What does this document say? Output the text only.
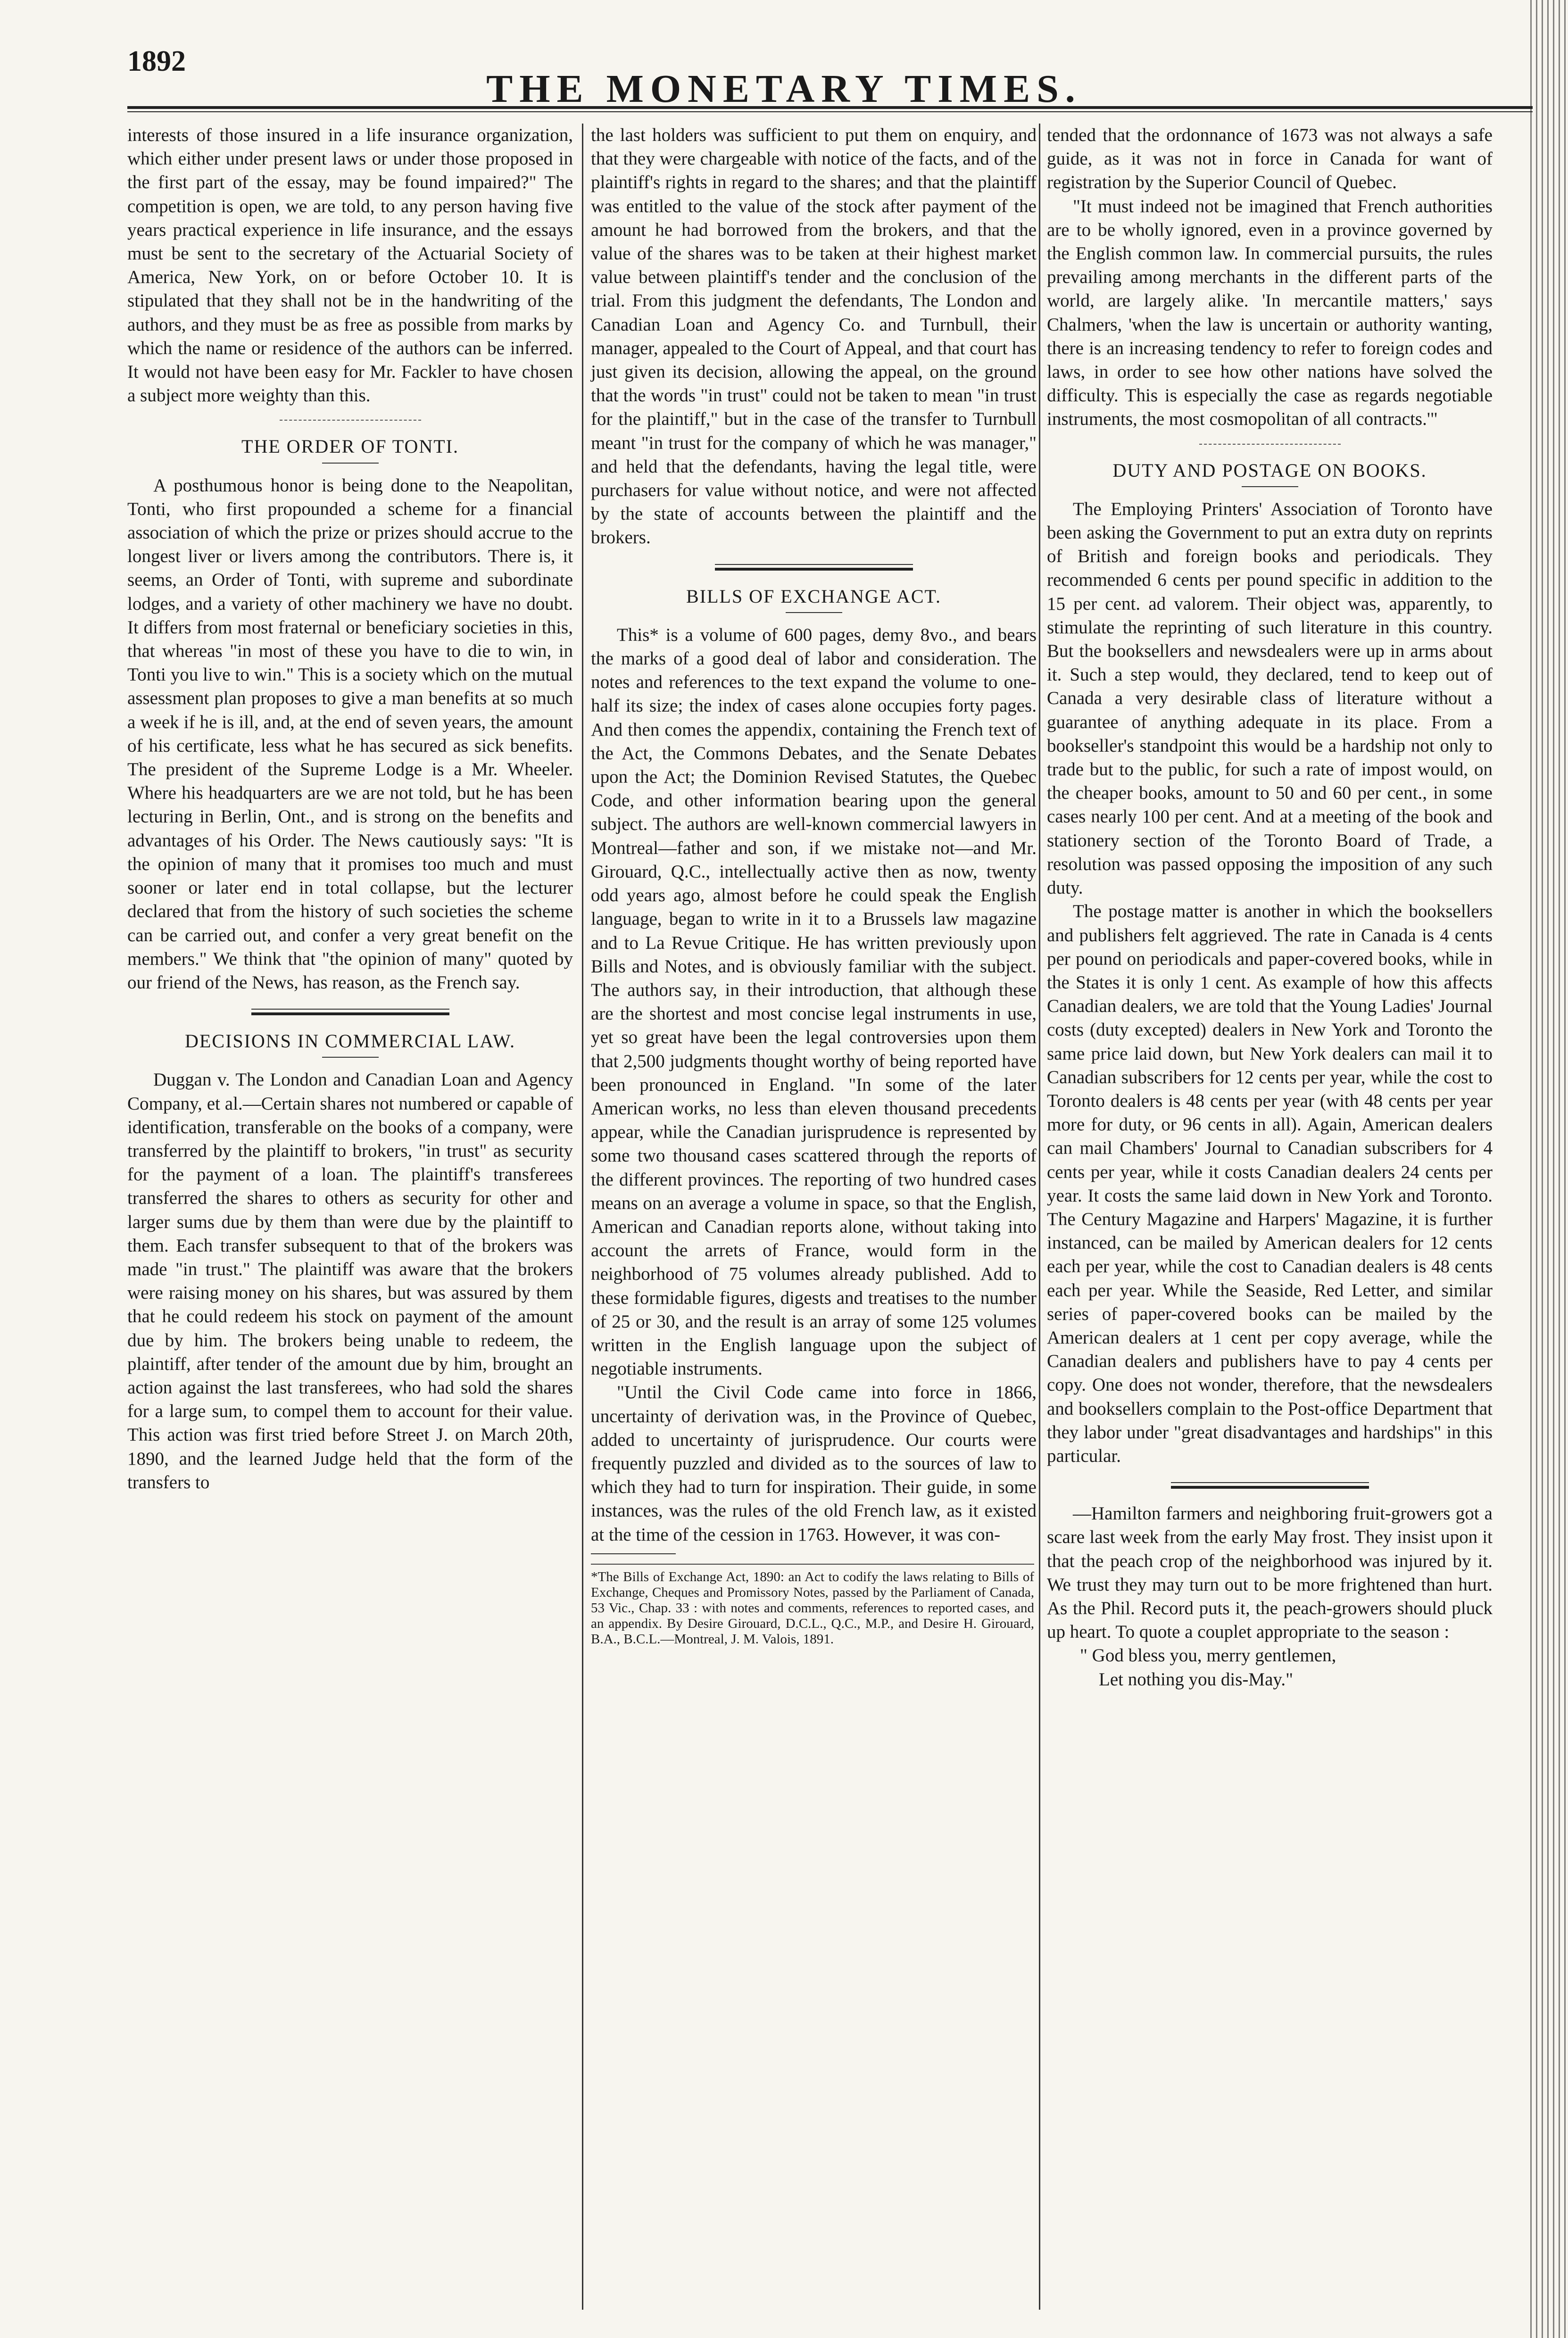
1892
THE MONETARY TIMES.

interests of those insured in a life insurance organization, which either under present laws or under those proposed in the first part of the essay, may be found impaired?" The competition is open, we are told, to any person having five years practical experience in life insurance, and the essays must be sent to the secretary of the Actuarial Society of America, New York, on or before October 10. It is stipulated that they shall not be in the handwriting of the authors, and they must be as free as possible from marks by which the name or residence of the authors can be inferred. It would not have been easy for Mr. Fackler to have chosen a subject more weighty than this.

THE ORDER OF TONTI.

A posthumous honor is being done to the Neapolitan, Tonti, who first propounded a scheme for a financial association of which the prize or prizes should accrue to the longest liver or livers among the contributors. There is, it seems, an Order of Tonti, with supreme and subordinate lodges, and a variety of other machinery we have no doubt. It differs from most fraternal or beneficiary societies in this, that whereas "in most of these you have to die to win, in Tonti you live to win." This is a society which on the mutual assessment plan proposes to give a man benefits at so much a week if he is ill, and, at the end of seven years, the amount of his certificate, less what he has secured as sick benefits. The president of the Supreme Lodge is a Mr. Wheeler. Where his headquarters are we are not told, but he has been lecturing in Berlin, Ont., and is strong on the benefits and advantages of his Order. The News cautiously says: "It is the opinion of many that it promises too much and must sooner or later end in total collapse, but the lecturer declared that from the history of such societies the scheme can be carried out, and confer a very great benefit on the members." We think that "the opinion of many" quoted by our friend of the News, has reason, as the French say.

DECISIONS IN COMMERCIAL LAW.

Duggan v. The London and Canadian Loan and Agency Company, et al.—Certain shares not numbered or capable of identification, transferable on the books of a company, were transferred by the plaintiff to brokers, "in trust" as security for the payment of a loan. The plaintiff's transferees transferred the shares to others as security for other and larger sums due by them than were due by the plaintiff to them. Each transfer subsequent to that of the brokers was made "in trust." The plaintiff was aware that the brokers were raising money on his shares, but was assured by them that he could redeem his stock on payment of the amount due by him. The brokers being unable to redeem, the plaintiff, after tender of the amount due by him, brought an action against the last transferees, who had sold the shares for a large sum, to compel them to account for their value. This action was first tried before Street J. on March 20th, 1890, and the learned Judge held that the form of the transfers to

the last holders was sufficient to put them on enquiry, and that they were chargeable with notice of the facts, and of the plaintiff's rights in regard to the shares; and that the plaintiff was entitled to the value of the stock after payment of the amount he had borrowed from the brokers, and that the value of the shares was to be taken at their highest market value between plaintiff's tender and the conclusion of the trial. From this judgment the defendants, The London and Canadian Loan and Agency Co. and Turnbull, their manager, appealed to the Court of Appeal, and that court has just given its decision, allowing the appeal, on the ground that the words "in trust" could not be taken to mean "in trust for the plaintiff," but in the case of the transfer to Turnbull meant "in trust for the company of which he was manager," and held that the defendants, having the legal title, were purchasers for value without notice, and were not affected by the state of accounts between the plaintiff and the brokers.

BILLS OF EXCHANGE ACT.

This* is a volume of 600 pages, demy 8vo., and bears the marks of a good deal of labor and consideration. The notes and references to the text expand the volume to one-half its size; the index of cases alone occupies forty pages. And then comes the appendix, containing the French text of the Act, the Commons Debates, and the Senate Debates upon the Act; the Dominion Revised Statutes, the Quebec Code, and other information bearing upon the general subject. The authors are well-known commercial lawyers in Montreal—father and son, if we mistake not—and Mr. Girouard, Q.C., intellectually active then as now, twenty odd years ago, almost before he could speak the English language, began to write in it to a Brussels law magazine and to La Revue Critique. He has written previously upon Bills and Notes, and is obviously familiar with the subject. The authors say, in their introduction, that although these are the shortest and most concise legal instruments in use, yet so great have been the legal controversies upon them that 2,500 judgments thought worthy of being reported have been pronounced in England. "In some of the later American works, no less than eleven thousand precedents appear, while the Canadian jurisprudence is represented by some two thousand cases scattered through the reports of the different provinces. The reporting of two hundred cases means on an average a volume in space, so that the English, American and Canadian reports alone, without taking into account the arrets of France, would form in the neighborhood of 75 volumes already published. Add to these formidable figures, digests and treatises to the number of 25 or 30, and the result is an array of some 125 volumes written in the English language upon the subject of negotiable instruments.

"Until the Civil Code came into force in 1866, uncertainty of derivation was, in the Province of Quebec, added to uncertainty of jurisprudence. Our courts were frequently puzzled and divided as to the sources of law to which they had to turn for inspiration. Their guide, in some instances, was the rules of the old French law, as it existed at the time of the cession in 1763. However, it was con-

*The Bills of Exchange Act, 1890: an Act to codify the laws relating to Bills of Exchange, Cheques and Promissory Notes, passed by the Parliament of Canada, 53 Vic., Chap. 33 : with notes and comments, references to reported cases, and an appendix. By Desire Girouard, D.C.L., Q.C., M.P., and Desire H. Girouard, B.A., B.C.L.—Montreal, J. M. Valois, 1891.

tended that the ordonnance of 1673 was not always a safe guide, as it was not in force in Canada for want of registration by the Superior Council of Quebec.

"It must indeed not be imagined that French authorities are to be wholly ignored, even in a province governed by the English common law. In commercial pursuits, the rules prevailing among merchants in the different parts of the world, are largely alike. 'In mercantile matters,' says Chalmers, 'when the law is uncertain or authority wanting, there is an increasing tendency to refer to foreign codes and laws, in order to see how other nations have solved the difficulty. This is especially the case as regards negotiable instruments, the most cosmopolitan of all contracts.'"

DUTY AND POSTAGE ON BOOKS.

The Employing Printers' Association of Toronto have been asking the Government to put an extra duty on reprints of British and foreign books and periodicals. They recommended 6 cents per pound specific in addition to the 15 per cent. ad valorem. Their object was, apparently, to stimulate the reprinting of such literature in this country. But the booksellers and newsdealers were up in arms about it. Such a step would, they declared, tend to keep out of Canada a very desirable class of literature without a guarantee of anything adequate in its place. From a bookseller's standpoint this would be a hardship not only to trade but to the public, for such a rate of impost would, on the cheaper books, amount to 50 and 60 per cent., in some cases nearly 100 per cent. And at a meeting of the book and stationery section of the Toronto Board of Trade, a resolution was passed opposing the imposition of any such duty.

The postage matter is another in which the booksellers and publishers felt aggrieved. The rate in Canada is 4 cents per pound on periodicals and paper-covered books, while in the States it is only 1 cent. As example of how this affects Canadian dealers, we are told that the Young Ladies' Journal costs (duty excepted) dealers in New York and Toronto the same price laid down, but New York dealers can mail it to Canadian subscribers for 12 cents per year, while the cost to Toronto dealers is 48 cents per year (with 48 cents per year more for duty, or 96 cents in all). Again, American dealers can mail Chambers' Journal to Canadian subscribers for 4 cents per year, while it costs Canadian dealers 24 cents per year. It costs the same laid down in New York and Toronto. The Century Magazine and Harpers' Magazine, it is further instanced, can be mailed by American dealers for 12 cents each per year, while the cost to Canadian dealers is 48 cents each per year. While the Seaside, Red Letter, and similar series of paper-covered books can be mailed by the American dealers at 1 cent per copy average, while the Canadian dealers and publishers have to pay 4 cents per copy. One does not wonder, therefore, that the newsdealers and booksellers complain to the Post-office Department that they labor under "great disadvantages and hardships" in this particular.

—Hamilton farmers and neighboring fruit-growers got a scare last week from the early May frost. They insist upon it that the peach crop of the neighborhood was injured by it. We trust they may turn out to be more frightened than hurt. As the Phil. Record puts it, the peach-growers should pluck up heart. To quote a couplet appropriate to the season :

" God bless you, merry gentlemen,

Let nothing you dis-May."
